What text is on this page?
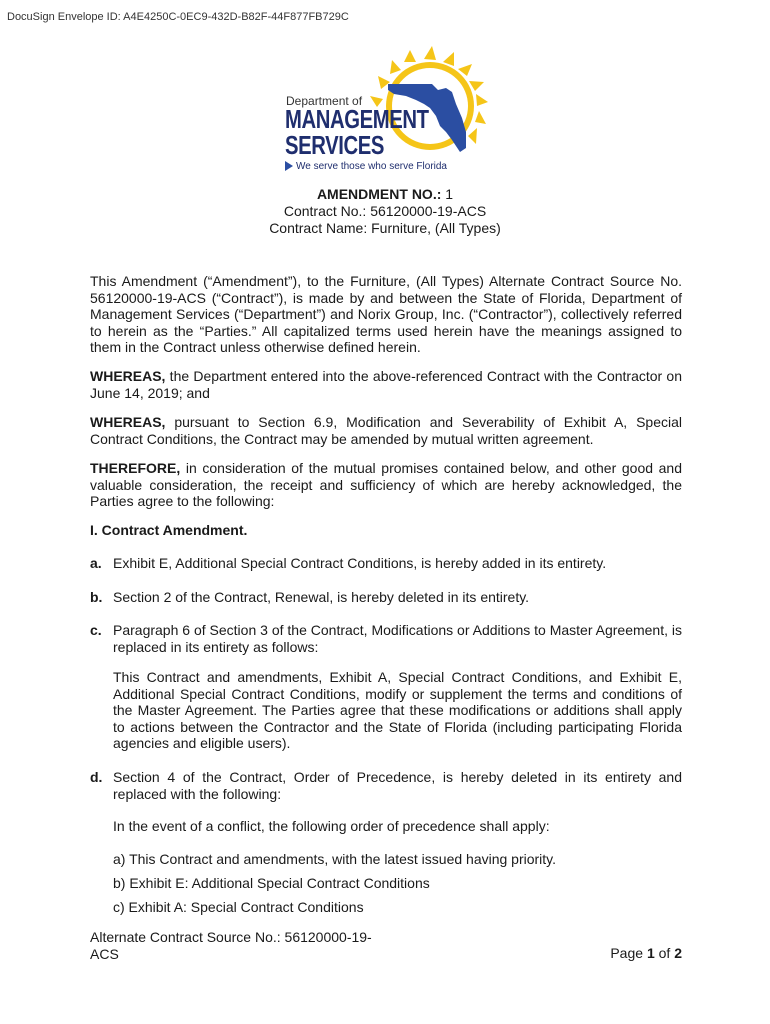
DocuSign Envelope ID: A4E4250C-0EC9-432D-B82F-44F877FB729C
Department of
MANAGEMENT
SERVICES
We serve those who serve Florida
AMENDMENT NO.: 1
Contract No.: 56120000-19-ACS
Contract Name: Furniture, (All Types)
This Amendment (“Amendment”), to the Furniture, (All Types) Alternate Contract Source No. 56120000-19-ACS (“Contract”), is made by and between the State of Florida, Department of Management Services (“Department”) and Norix Group, Inc. (“Contractor”), collectively referred to herein as the “Parties.” All capitalized terms used herein have the meanings assigned to them in the Contract unless otherwise defined herein.
WHEREAS, the Department entered into the above-referenced Contract with the Contractor on June 14, 2019; and
WHEREAS, pursuant to Section 6.9, Modification and Severability of Exhibit A, Special Contract Conditions, the Contract may be amended by mutual written agreement.
THEREFORE, in consideration of the mutual promises contained below, and other good and valuable consideration, the receipt and sufficiency of which are hereby acknowledged, the Parties agree to the following:
I. Contract Amendment.
a. Exhibit E, Additional Special Contract Conditions, is hereby added in its entirety.
b. Section 2 of the Contract, Renewal, is hereby deleted in its entirety.
c. Paragraph 6 of Section 3 of the Contract, Modifications or Additions to Master Agreement, is replaced in its entirety as follows:
This Contract and amendments, Exhibit A, Special Contract Conditions, and Exhibit E, Additional Special Contract Conditions, modify or supplement the terms and conditions of the Master Agreement. The Parties agree that these modifications or additions shall apply to actions between the Contractor and the State of Florida (including participating Florida agencies and eligible users).
d. Section 4 of the Contract, Order of Precedence, is hereby deleted in its entirety and replaced with the following:
In the event of a conflict, the following order of precedence shall apply:
a) This Contract and amendments, with the latest issued having priority.
b) Exhibit E: Additional Special Contract Conditions
c) Exhibit A: Special Contract Conditions
Alternate Contract Source No.: 56120000-19-
ACS	Page 1 of 2
